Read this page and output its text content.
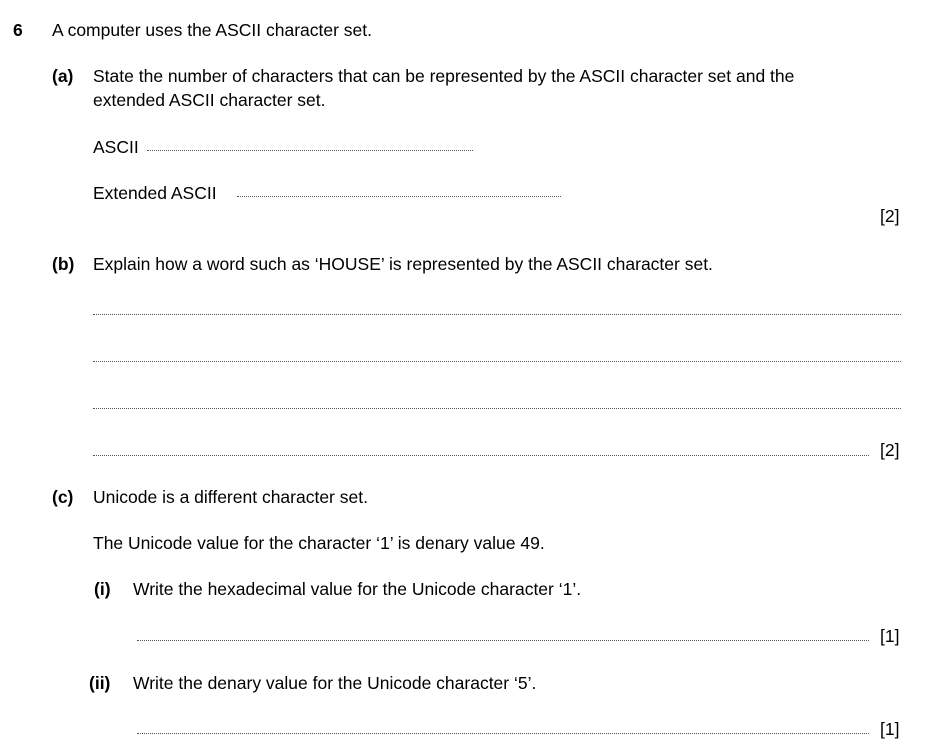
6 A computer uses the ASCII character set.
(a) State the number of characters that can be represented by the ASCII character set and the
extended ASCII character set.
ASCII
Extended ASCII
[2]
(b) Explain how a word such as ‘HOUSE’ is represented by the ASCII character set.
[2]
(c) Unicode is a different character set.
The Unicode value for the character ‘1’ is denary value 49.
(i) Write the hexadecimal value for the Unicode character ‘1’.
[1]
(ii) Write the denary value for the Unicode character ‘5’.
[1]
